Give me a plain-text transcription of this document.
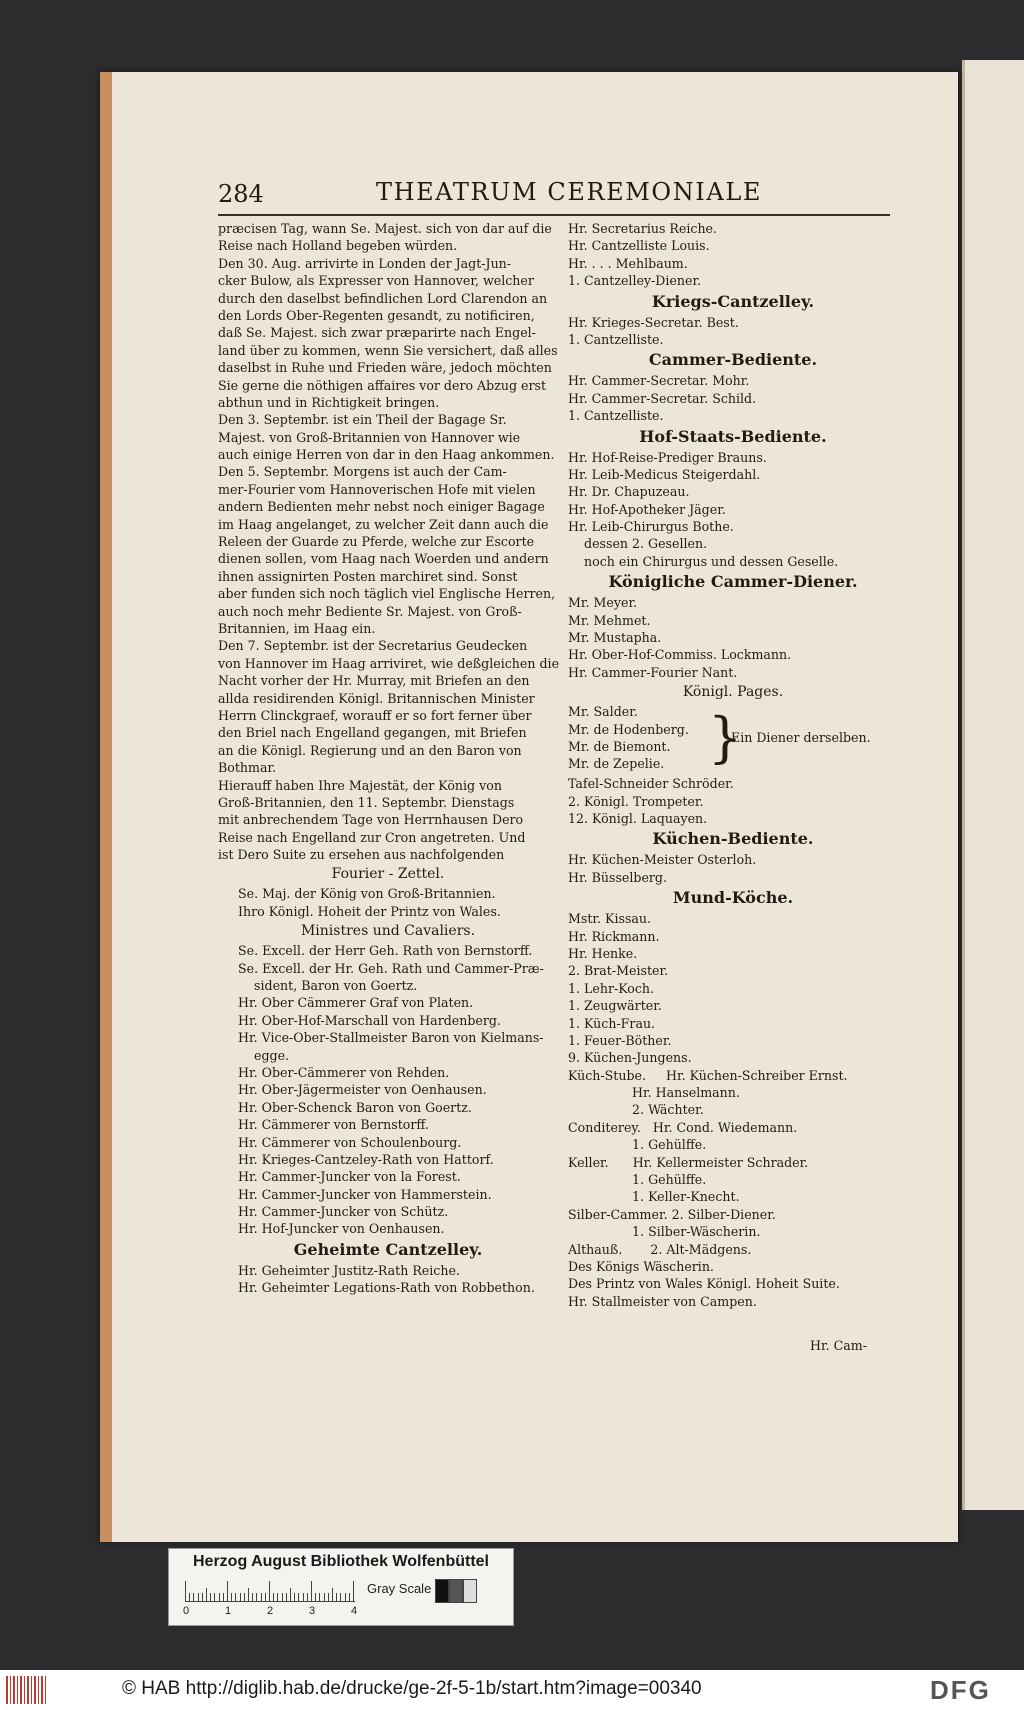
284	THEATRUM CEREMONIALE
præcisen Tag, wann Se. Majest. sich von dar auf die
Reise nach Holland begeben würden.
Den 30. Aug. arrivirte in Londen der Jagt-Jun-
cker Bulow, als Expresser von Hannover, welcher
durch den daselbst befindlichen Lord Clarendon an
den Lords Ober-Regenten gesandt, zu notificiren,
daß Se. Majest. sich zwar præparirte nach Engel-
land über zu kommen, wenn Sie versichert, daß alles
daselbst in Ruhe und Frieden wäre, jedoch möchten
Sie gerne die nöthigen affaires vor dero Abzug erst
abthun und in Richtigkeit bringen.
Den 3. Septembr. ist ein Theil der Bagage Sr.
Majest. von Groß-Britannien von Hannover wie
auch einige Herren von dar in den Haag ankommen.
Den 5. Septembr. Morgens ist auch der Cam-
mer-Fourier vom Hannoverischen Hofe mit vielen
andern Bedienten mehr nebst noch einiger Bagage
im Haag angelanget, zu welcher Zeit dann auch die
Releen der Guarde zu Pferde, welche zur Escorte
dienen sollen, vom Haag nach Woerden und andern
ihnen assignirten Posten marchiret sind. Sonst
aber funden sich noch täglich viel Englische Herren,
auch noch mehr Bediente Sr. Majest. von Groß-
Britannien, im Haag ein.
Den 7. Septembr. ist der Secretarius Geudecken
von Hannover im Haag arriviret, wie deßgleichen die
Nacht vorher der Hr. Murray, mit Briefen an den
allda residirenden Königl. Britannischen Minister
Herrn Clinckgraef, worauff er so fort ferner über
den Briel nach Engelland gegangen, mit Briefen
an die Königl. Regierung und an den Baron von
Bothmar.
Hierauff haben Ihre Majestät, der König von
Groß-Britannien, den 11. Septembr. Dienstags
mit anbrechendem Tage von Herrnhausen Dero
Reise nach Engelland zur Cron angetreten. Und
ist Dero Suite zu ersehen aus nachfolgenden
Fourier - Zettel.
Se. Maj. der König von Groß-Britannien.
Ihro Königl. Hoheit der Printz von Wales.
Ministres und Cavaliers.
Se. Excell. der Herr Geh. Rath von Bernstorff.
Se. Excell. der Hr. Geh. Rath und Cammer-Præ-
sident, Baron von Goertz.
Hr. Ober Cämmerer Graf von Platen.
Hr. Ober-Hof-Marschall von Hardenberg.
Hr. Vice-Ober-Stallmeister Baron von Kielmans-
egge.
Hr. Ober-Cämmerer von Rehden.
Hr. Ober-Jägermeister von Oenhausen.
Hr. Ober-Schenck Baron von Goertz.
Hr. Cämmerer von Bernstorff.
Hr. Cämmerer von Schoulenbourg.
Hr. Krieges-Cantzeley-Rath von Hattorf.
Hr. Cammer-Juncker von la Forest.
Hr. Cammer-Juncker von Hammerstein.
Hr. Cammer-Juncker von Schütz.
Hr. Hof-Juncker von Oenhausen.
Geheimte Cantzelley.
Hr. Geheimter Justitz-Rath Reiche.
Hr. Geheimter Legations-Rath von Robbethon.
Hr. Secretarius Reiche.
Hr. Cantzelliste Louis.
Hr. . . . Mehlbaum.
1. Cantzelley-Diener.
Kriegs-Cantzelley.
Hr. Krieges-Secretar. Best.
1. Cantzelliste.
Cammer-Bediente.
Hr. Cammer-Secretar. Mohr.
Hr. Cammer-Secretar. Schild.
1. Cantzelliste.
Hof-Staats-Bediente.
Hr. Hof-Reise-Prediger Brauns.
Hr. Leib-Medicus Steigerdahl.
Hr. Dr. Chapuzeau.
Hr. Hof-Apotheker Jäger.
Hr. Leib-Chirurgus Bothe.
dessen 2. Gesellen.
noch ein Chirurgus und dessen Geselle.
Königliche Cammer-Diener.
Mr. Meyer.
Mr. Mehmet.
Mr. Mustapha.
Hr. Ober-Hof-Commiss. Lockmann.
Hr. Cammer-Fourier Nant.
Königl. Pages.
Mr. Salder.
Mr. de Hodenberg.
Mr. de Biemont.
Mr. de Zepelie. }
Ein Diener derselben.
Tafel-Schneider Schröder.
2. Königl. Trompeter.
12. Königl. Laquayen.
Küchen-Bediente.
Hr. Küchen-Meister Osterloh.
Hr. Büsselberg.
Mund-Köche.
Mstr. Kissau.
Hr. Rickmann.
Hr. Henke.
2. Brat-Meister.
1. Lehr-Koch.
1. Zeugwärter.
1. Küch-Frau.
1. Feuer-Böther.
9. Küchen-Jungens.
Küch-Stube.     Hr. Küchen-Schreiber Ernst.
Hr. Hanselmann.
2. Wächter.
Conditerey.   Hr. Cond. Wiedemann.
1. Gehülffe.
Keller.      Hr. Kellermeister Schrader.
1. Gehülffe.
1. Keller-Knecht.
Silber-Cammer. 2. Silber-Diener.
1. Silber-Wäscherin.
Althauß.       2. Alt-Mädgens.
Des Königs Wäscherin.
Des Printz von Wales Königl. Hoheit Suite.
Hr. Stallmeister von Campen.
Hr. Cam-
Herzog August Bibliothek Wolfenbüttel
0	1	2	3	4
Gray Scale
© HAB http://diglib.hab.de/drucke/ge-2f-5-1b/start.htm?image=00340	DFG
